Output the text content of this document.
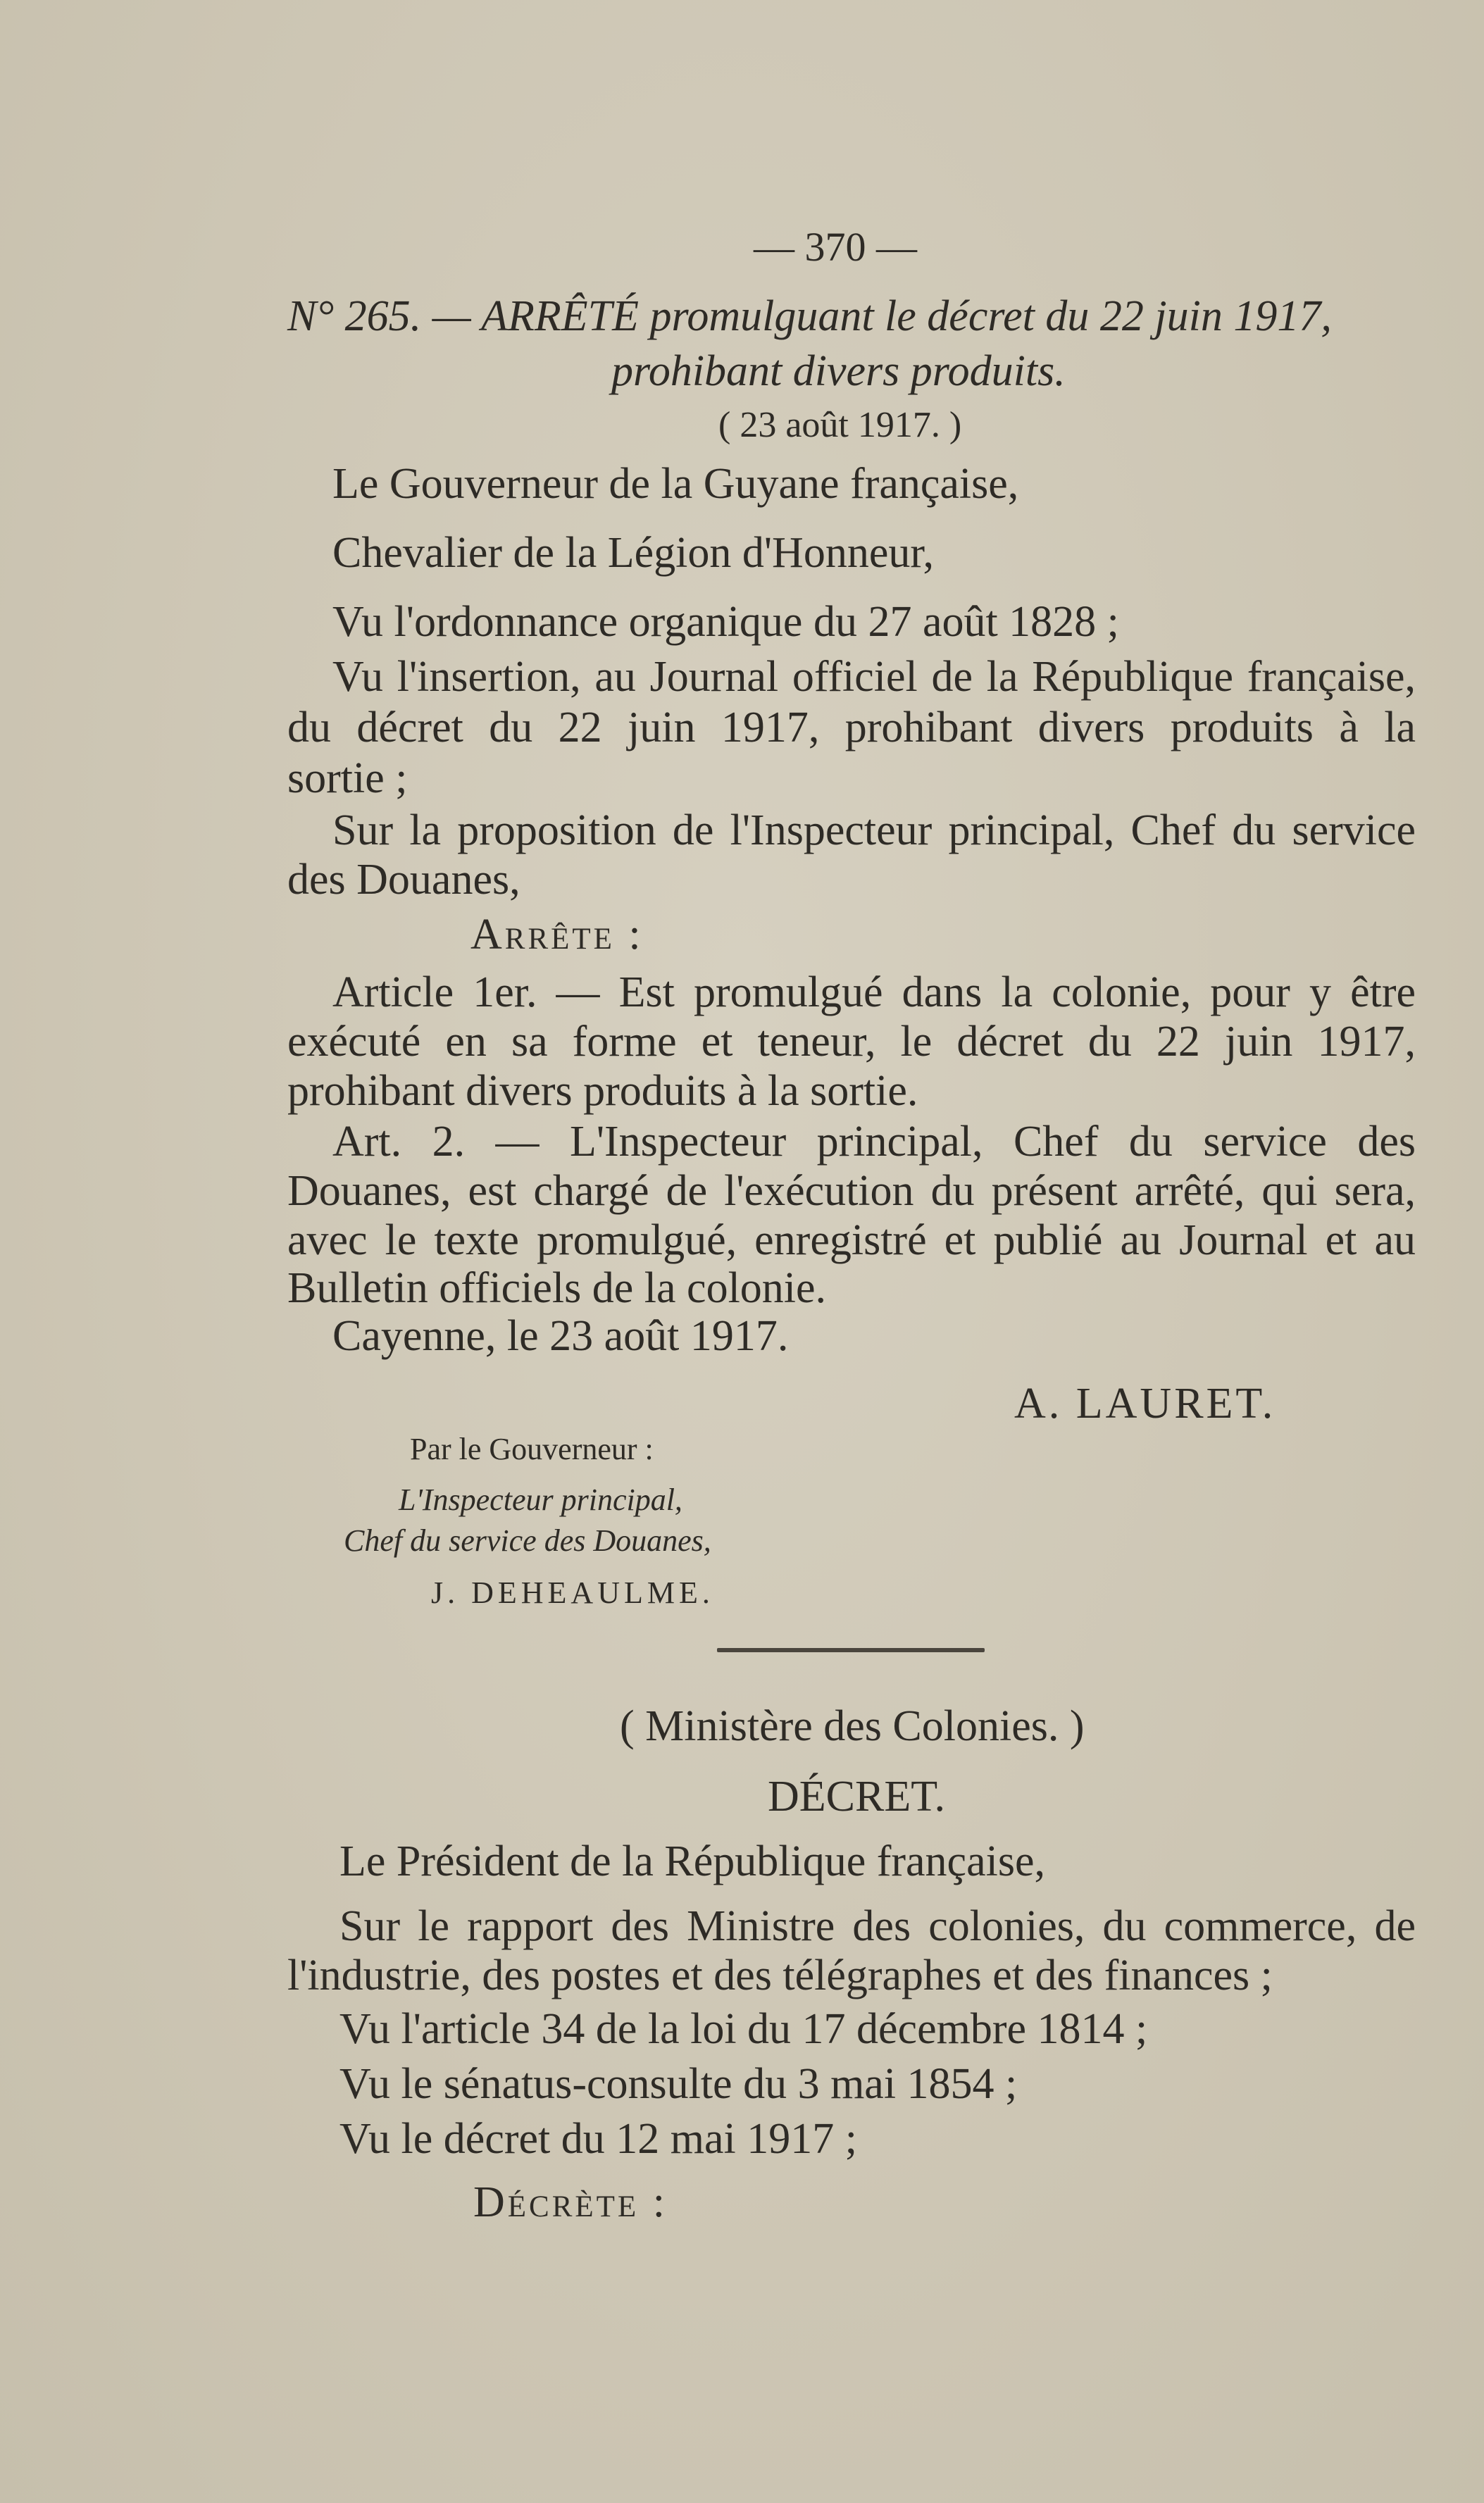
— 370 —
N° 265. — ARRÊTÉ promulguant le décret du 22 juin 1917,
prohibant divers produits.
( 23 août 1917. )
Le Gouverneur de la Guyane française,
Chevalier de la Légion d'Honneur,
Vu l'ordonnance organique du 27 août 1828 ;
Vu l'insertion, au Journal officiel de la République française,
du décret du 22 juin 1917, prohibant divers produits à la
sortie ;
Sur la proposition de l'Inspecteur principal, Chef du service
des Douanes,
Arrête :
Article 1er. — Est promulgué dans la colonie, pour y être
exécuté en sa forme et teneur, le décret du 22 juin 1917,
prohibant divers produits à la sortie.
Art. 2. — L'Inspecteur principal, Chef du service des
Douanes, est chargé de l'exécution du présent arrêté, qui sera,
avec le texte promulgué, enregistré et publié au Journal et au
Bulletin officiels de la colonie.
Cayenne, le 23 août 1917.
A. LAURET.
Par le Gouverneur :
L'Inspecteur principal,
Chef du service des Douanes,
J. DEHEAULME.
( Ministère des Colonies. )
DÉCRET.
Le Président de la République française,
Sur le rapport des Ministre des colonies, du commerce, de
l'industrie, des postes et des télégraphes et des finances ;
Vu l'article 34 de la loi du 17 décembre 1814 ;
Vu le sénatus-consulte du 3 mai 1854 ;
Vu le décret du 12 mai 1917 ;
Décrète :
